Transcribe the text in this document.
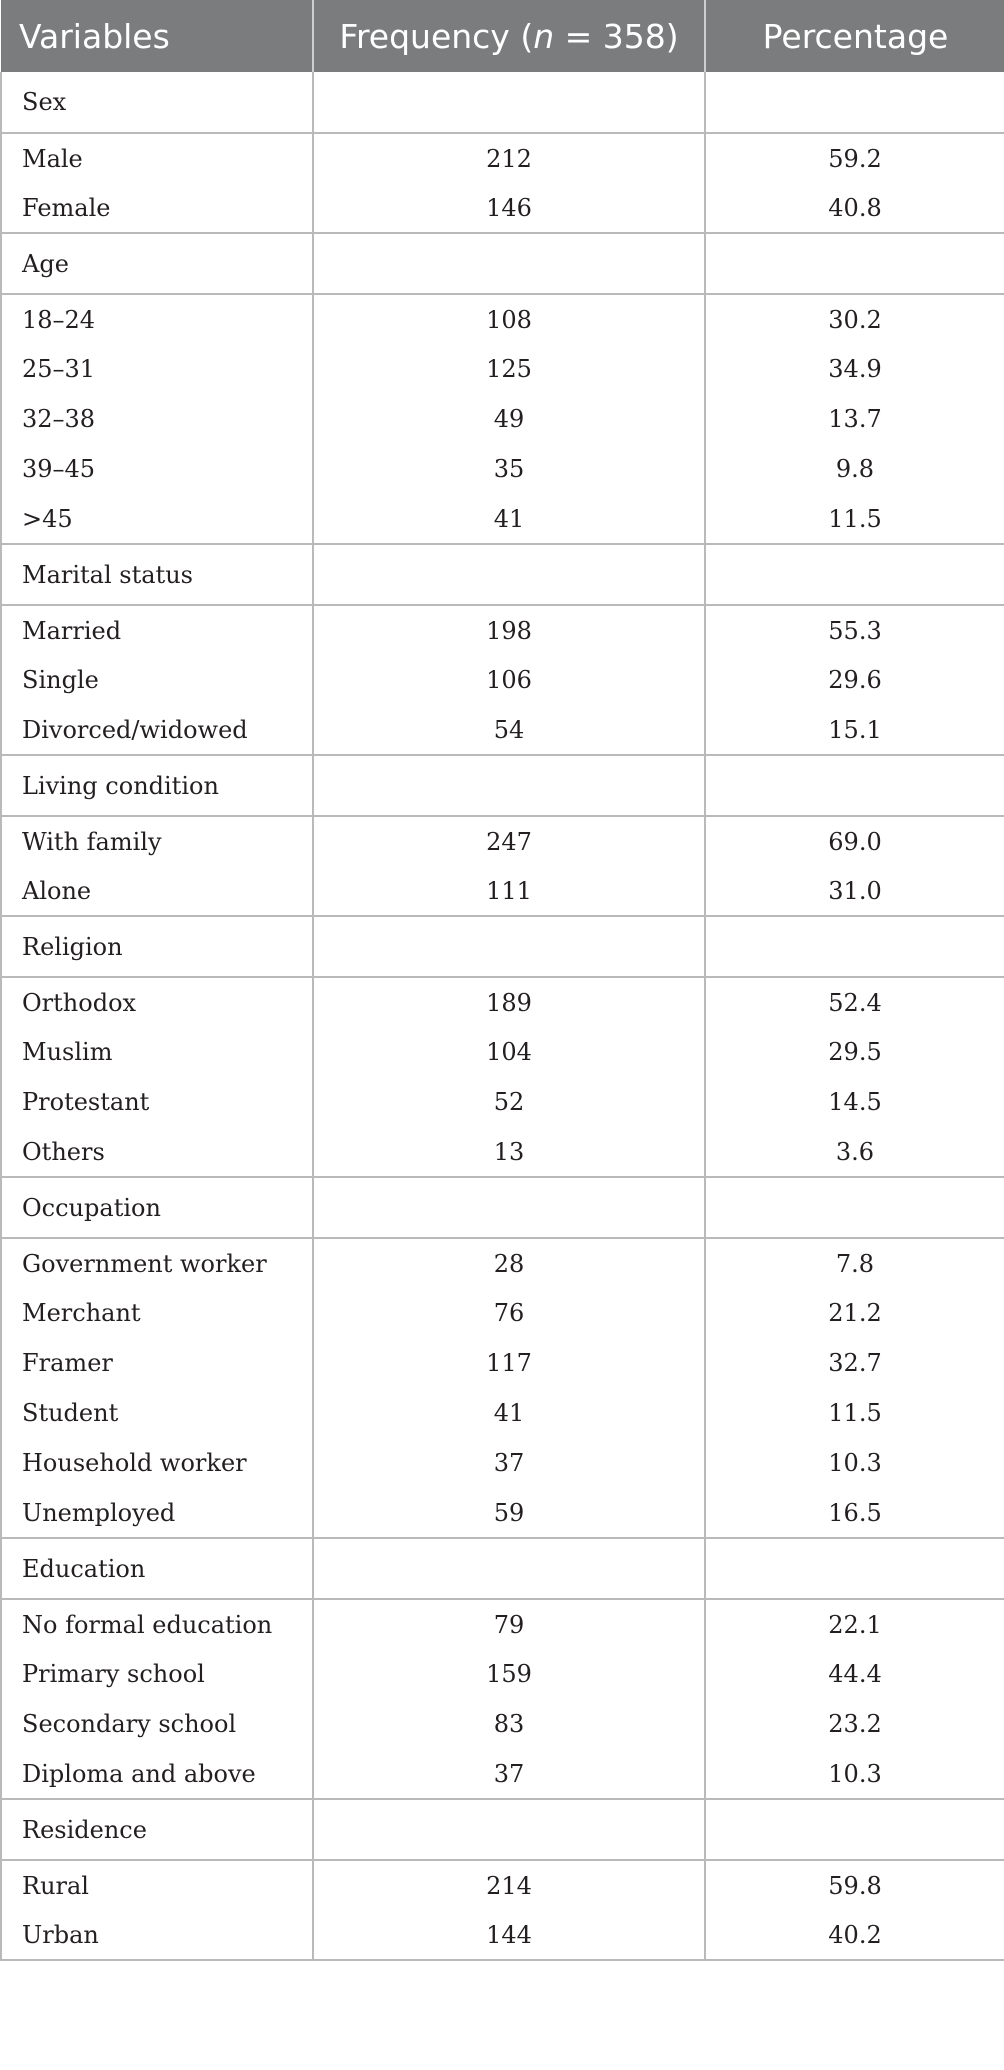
Variables	Frequency (n = 358)	Percentage
Sex		
Male	212	59.2
Female	146	40.8
Age		
18–24	108	30.2
25–31	125	34.9
32–38	49	13.7
39–45	35	9.8
>45	41	11.5
Marital status		
Married	198	55.3
Single	106	29.6
Divorced/widowed	54	15.1
Living condition		
With family	247	69.0
Alone	111	31.0
Religion		
Orthodox	189	52.4
Muslim	104	29.5
Protestant	52	14.5
Others	13	3.6
Occupation		
Government worker	28	7.8
Merchant	76	21.2
Framer	117	32.7
Student	41	11.5
Household worker	37	10.3
Unemployed	59	16.5
Education		
No formal education	79	22.1
Primary school	159	44.4
Secondary school	83	23.2
Diploma and above	37	10.3
Residence		
Rural	214	59.8
Urban	144	40.2
